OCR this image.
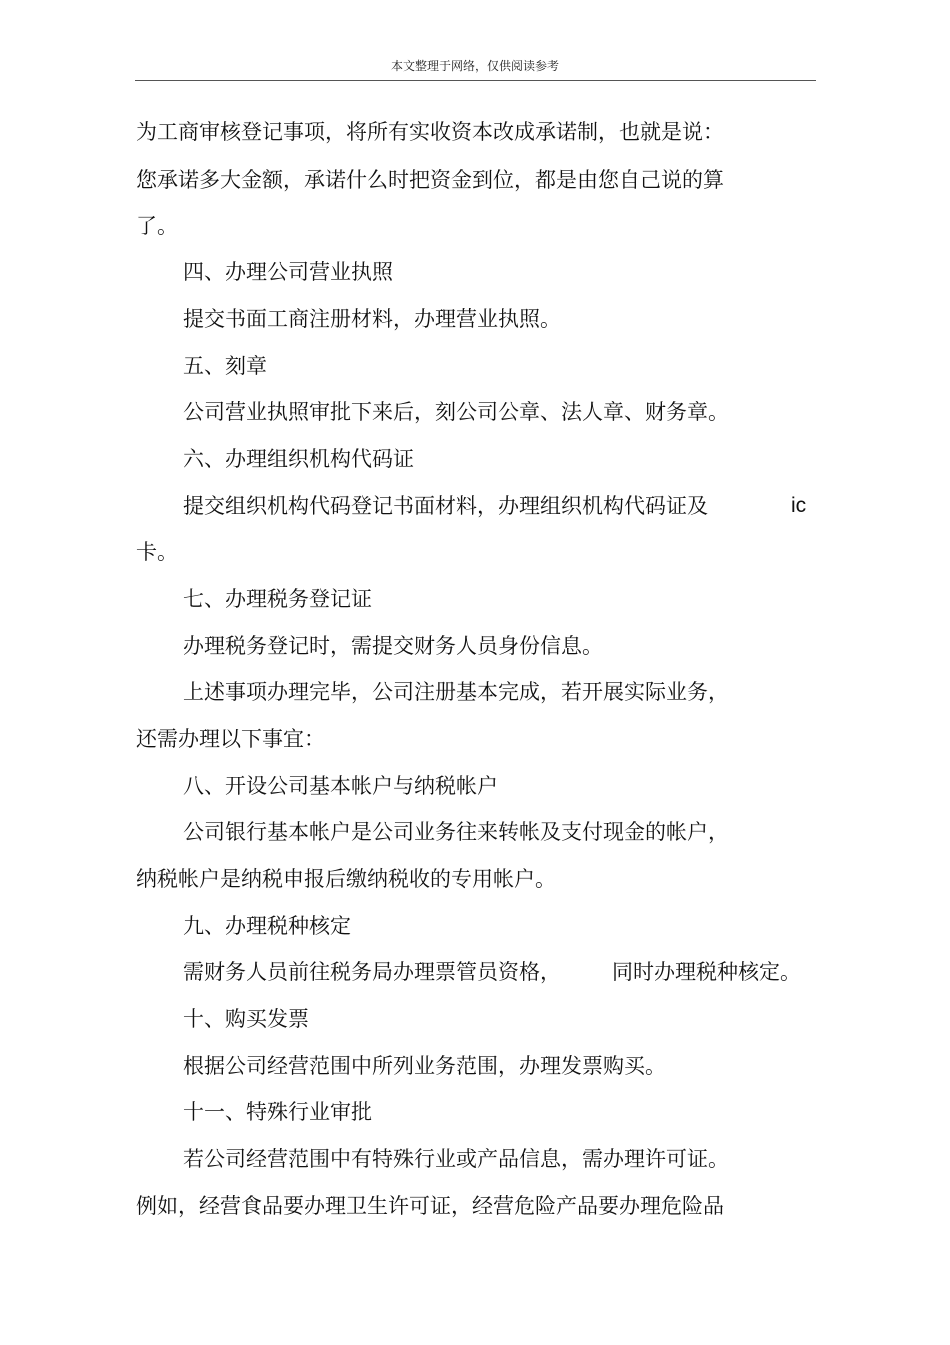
本文整理于网络，仅供阅读参考
为工商审核登记事项，将所有实收资本改成承诺制，也就是说：
您承诺多大金额，承诺什么时把资金到位，都是由您自己说的算
了。
四、办理公司营业执照
提交书面工商注册材料，办理营业执照。
五、刻章
公司营业执照审批下来后，刻公司公章、法人章、财务章。
六、办理组织机构代码证
提交组织机构代码登记书面材料，办理组织机构代码证及	ic
卡。
七、办理税务登记证
办理税务登记时，需提交财务人员身份信息。
上述事项办理完毕，公司注册基本完成，若开展实际业务，
还需办理以下事宜：
八、开设公司基本帐户与纳税帐户
公司银行基本帐户是公司业务往来转帐及支付现金的帐户，
纳税帐户是纳税申报后缴纳税收的专用帐户。
九、办理税种核定
需财务人员前往税务局办理票管员资格， 同时办理税种核定。
十、购买发票
根据公司经营范围中所列业务范围，办理发票购买。
十一、特殊行业审批
若公司经营范围中有特殊行业或产品信息，需办理许可证。
例如，经营食品要办理卫生许可证，经营危险产品要办理危险品
